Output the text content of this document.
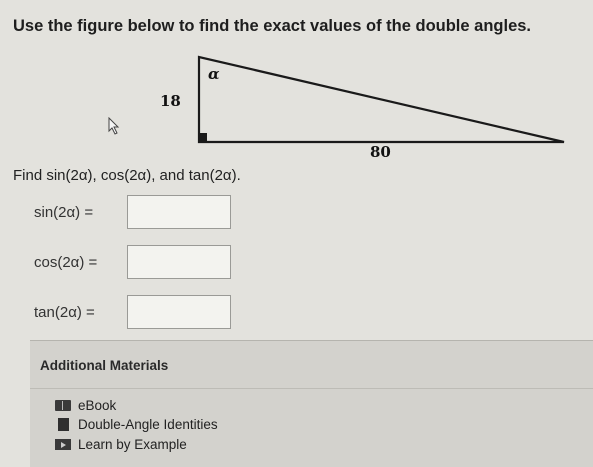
Use the figure below to find the exact values of the double angles.
α
18
80
Find sin(2α), cos(2α), and tan(2α).
sin(2α) =
cos(2α) =
tan(2α) =
Additional Materials
eBook
Double-Angle Identities
Learn by Example
